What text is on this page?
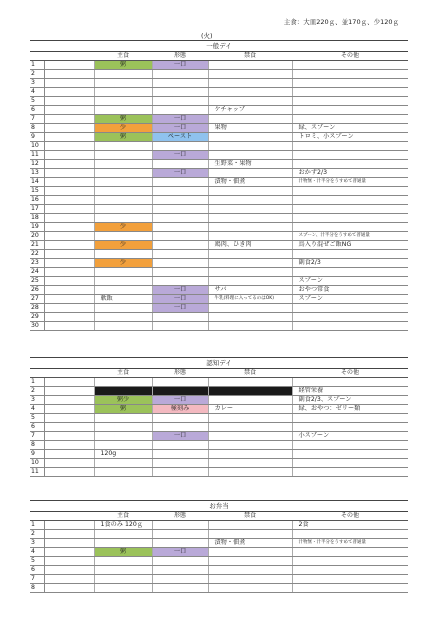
主食：大皿220ｇ、並170ｇ、少120ｇ
(火)
一般デイ
		主食	形態	禁食	その他
1		粥	一口		

2		

3		

4		

5		

6				ケチャップ	

7		粥	一口		

8		少	一口	果物	緑、スプーン

9		粥	ペースト		トロミ、小スプーン

10		

11			一口		

12				生野菜・果物	

13			一口		おかず2/3

14				漬物・佃煮	汁物無・汁半分をうすめて普通量

15		

16		

17		

18		

19		少			

20					スプーン、汁半分をうすめて普通量

21		少		鶏肉、ひき肉	鳥入り混ぜご飯NG

22		

23		少			副食2/3

24		

25					スプーン

26			一口	サバ	おやつ常食

27		軟飯	一口	牛乳(料理に入ってるのはOK)	スプーン

28			一口		

29		

30		

認知デイ
		主食	形態	禁食	その他
1		

2					経管栄養

3		粥少	一口		副食2/3、スプーン

4		粥	極刻み	カレー	緑、おやつ：ゼリー類

5		

6		

7			一口		小スプーン

8		

9		120g			

10		

11		

お弁当
		主食	形態	禁食	その他
1		1食のみ 120ｇ			2食

2		

3				漬物・佃煮	汁物無・汁半分をうすめて普通量

4		粥	一口		

5		

6		

7		

8		
